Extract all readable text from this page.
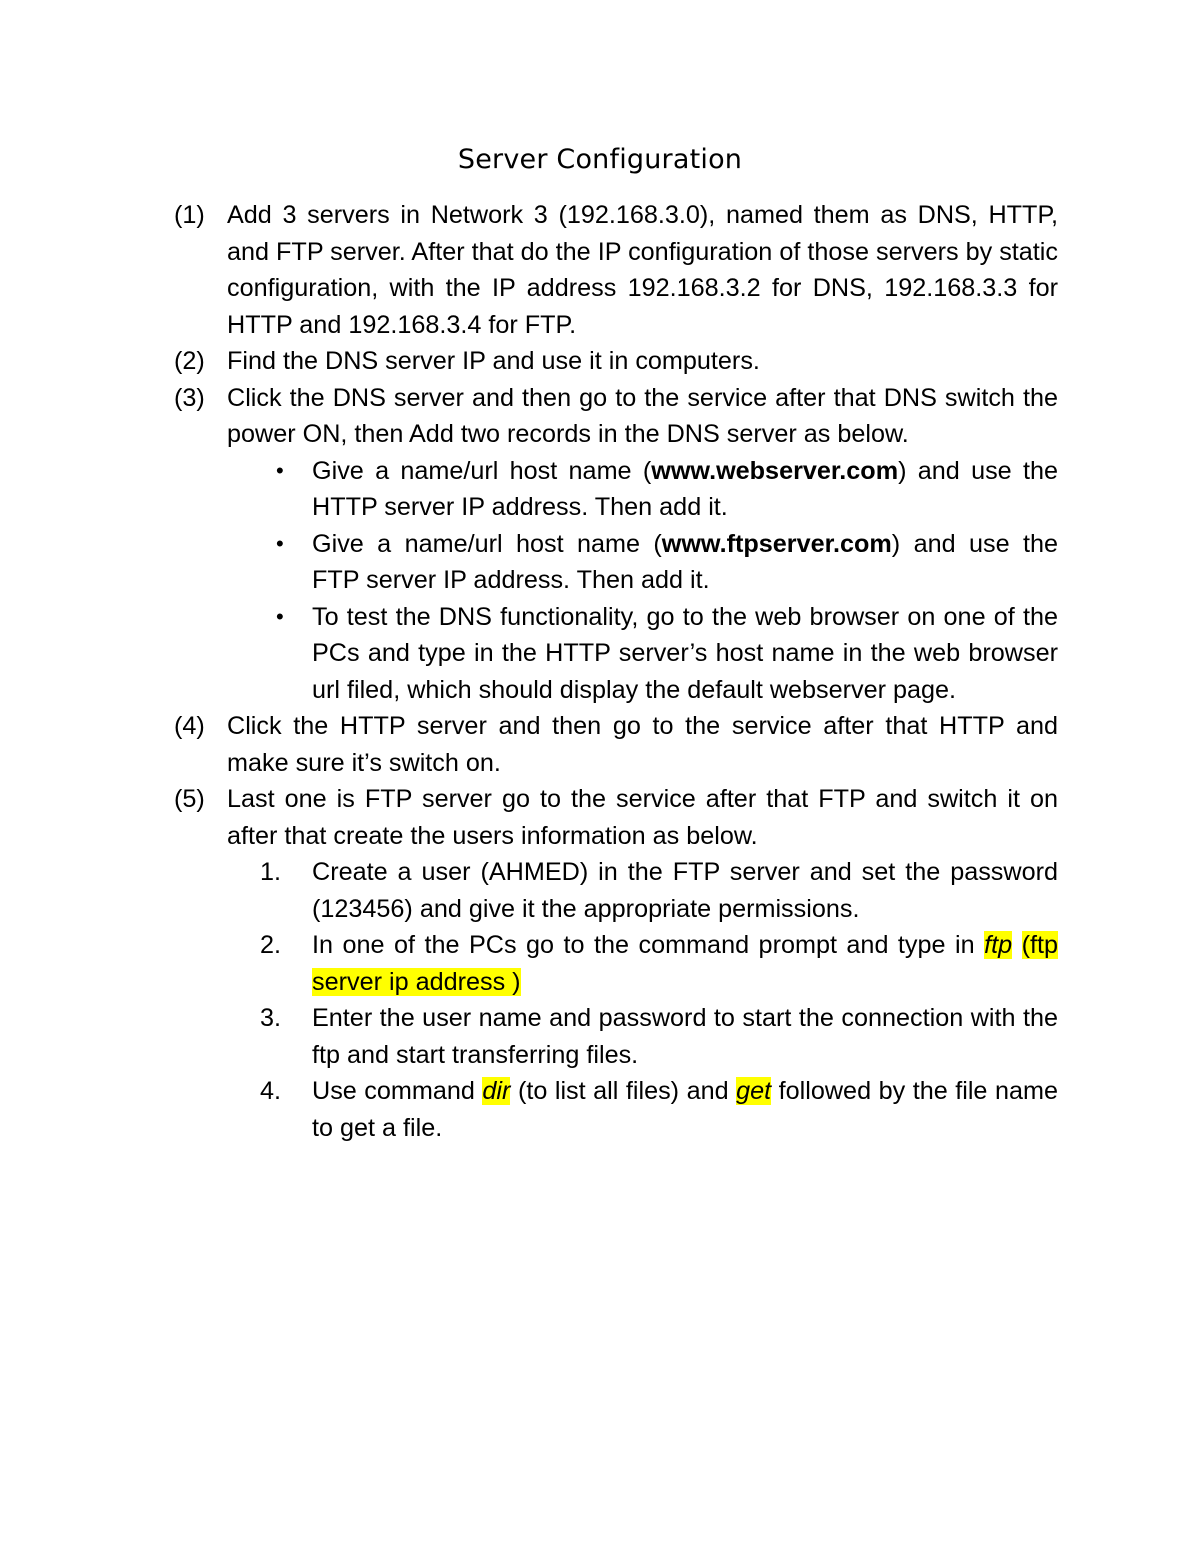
Server Configuration
(1) Add 3 servers in Network 3 (192.168.3.0), named them as DNS, HTTP, and FTP server. After that do the IP configuration of those servers by static configuration, with the IP address 192.168.3.2 for DNS, 192.168.3.3 for HTTP and 192.168.3.4 for FTP.
(2) Find the DNS server IP and use it in computers.
(3) Click the DNS server and then go to the service after that DNS switch the power ON, then Add two records in the DNS server as below.
•	Give a name/url host name (www.webserver.com) and use the HTTP server IP address. Then add it.
•	Give a name/url host name (www.ftpserver.com) and use the FTP server IP address. Then add it.
•	To test the DNS functionality, go to the web browser on one of the PCs and type in the HTTP server’s host name in the web browser url filed, which should display the default webserver page.
(4) Click the HTTP server and then go to the service after that HTTP and make sure it’s switch on.
(5) Last one is FTP server go to the service after that FTP and switch it on after that create the users information as below.
1.	Create a user (AHMED) in the FTP server and set the password (123456) and give it the appropriate permissions.
2.	In one of the PCs go to the command prompt and type in ftp (ftp server ip address )
3.	Enter the user name and password to start the connection with the ftp and start transferring files.
4.	Use command dir (to list all files) and get followed by the file name to get a file.
